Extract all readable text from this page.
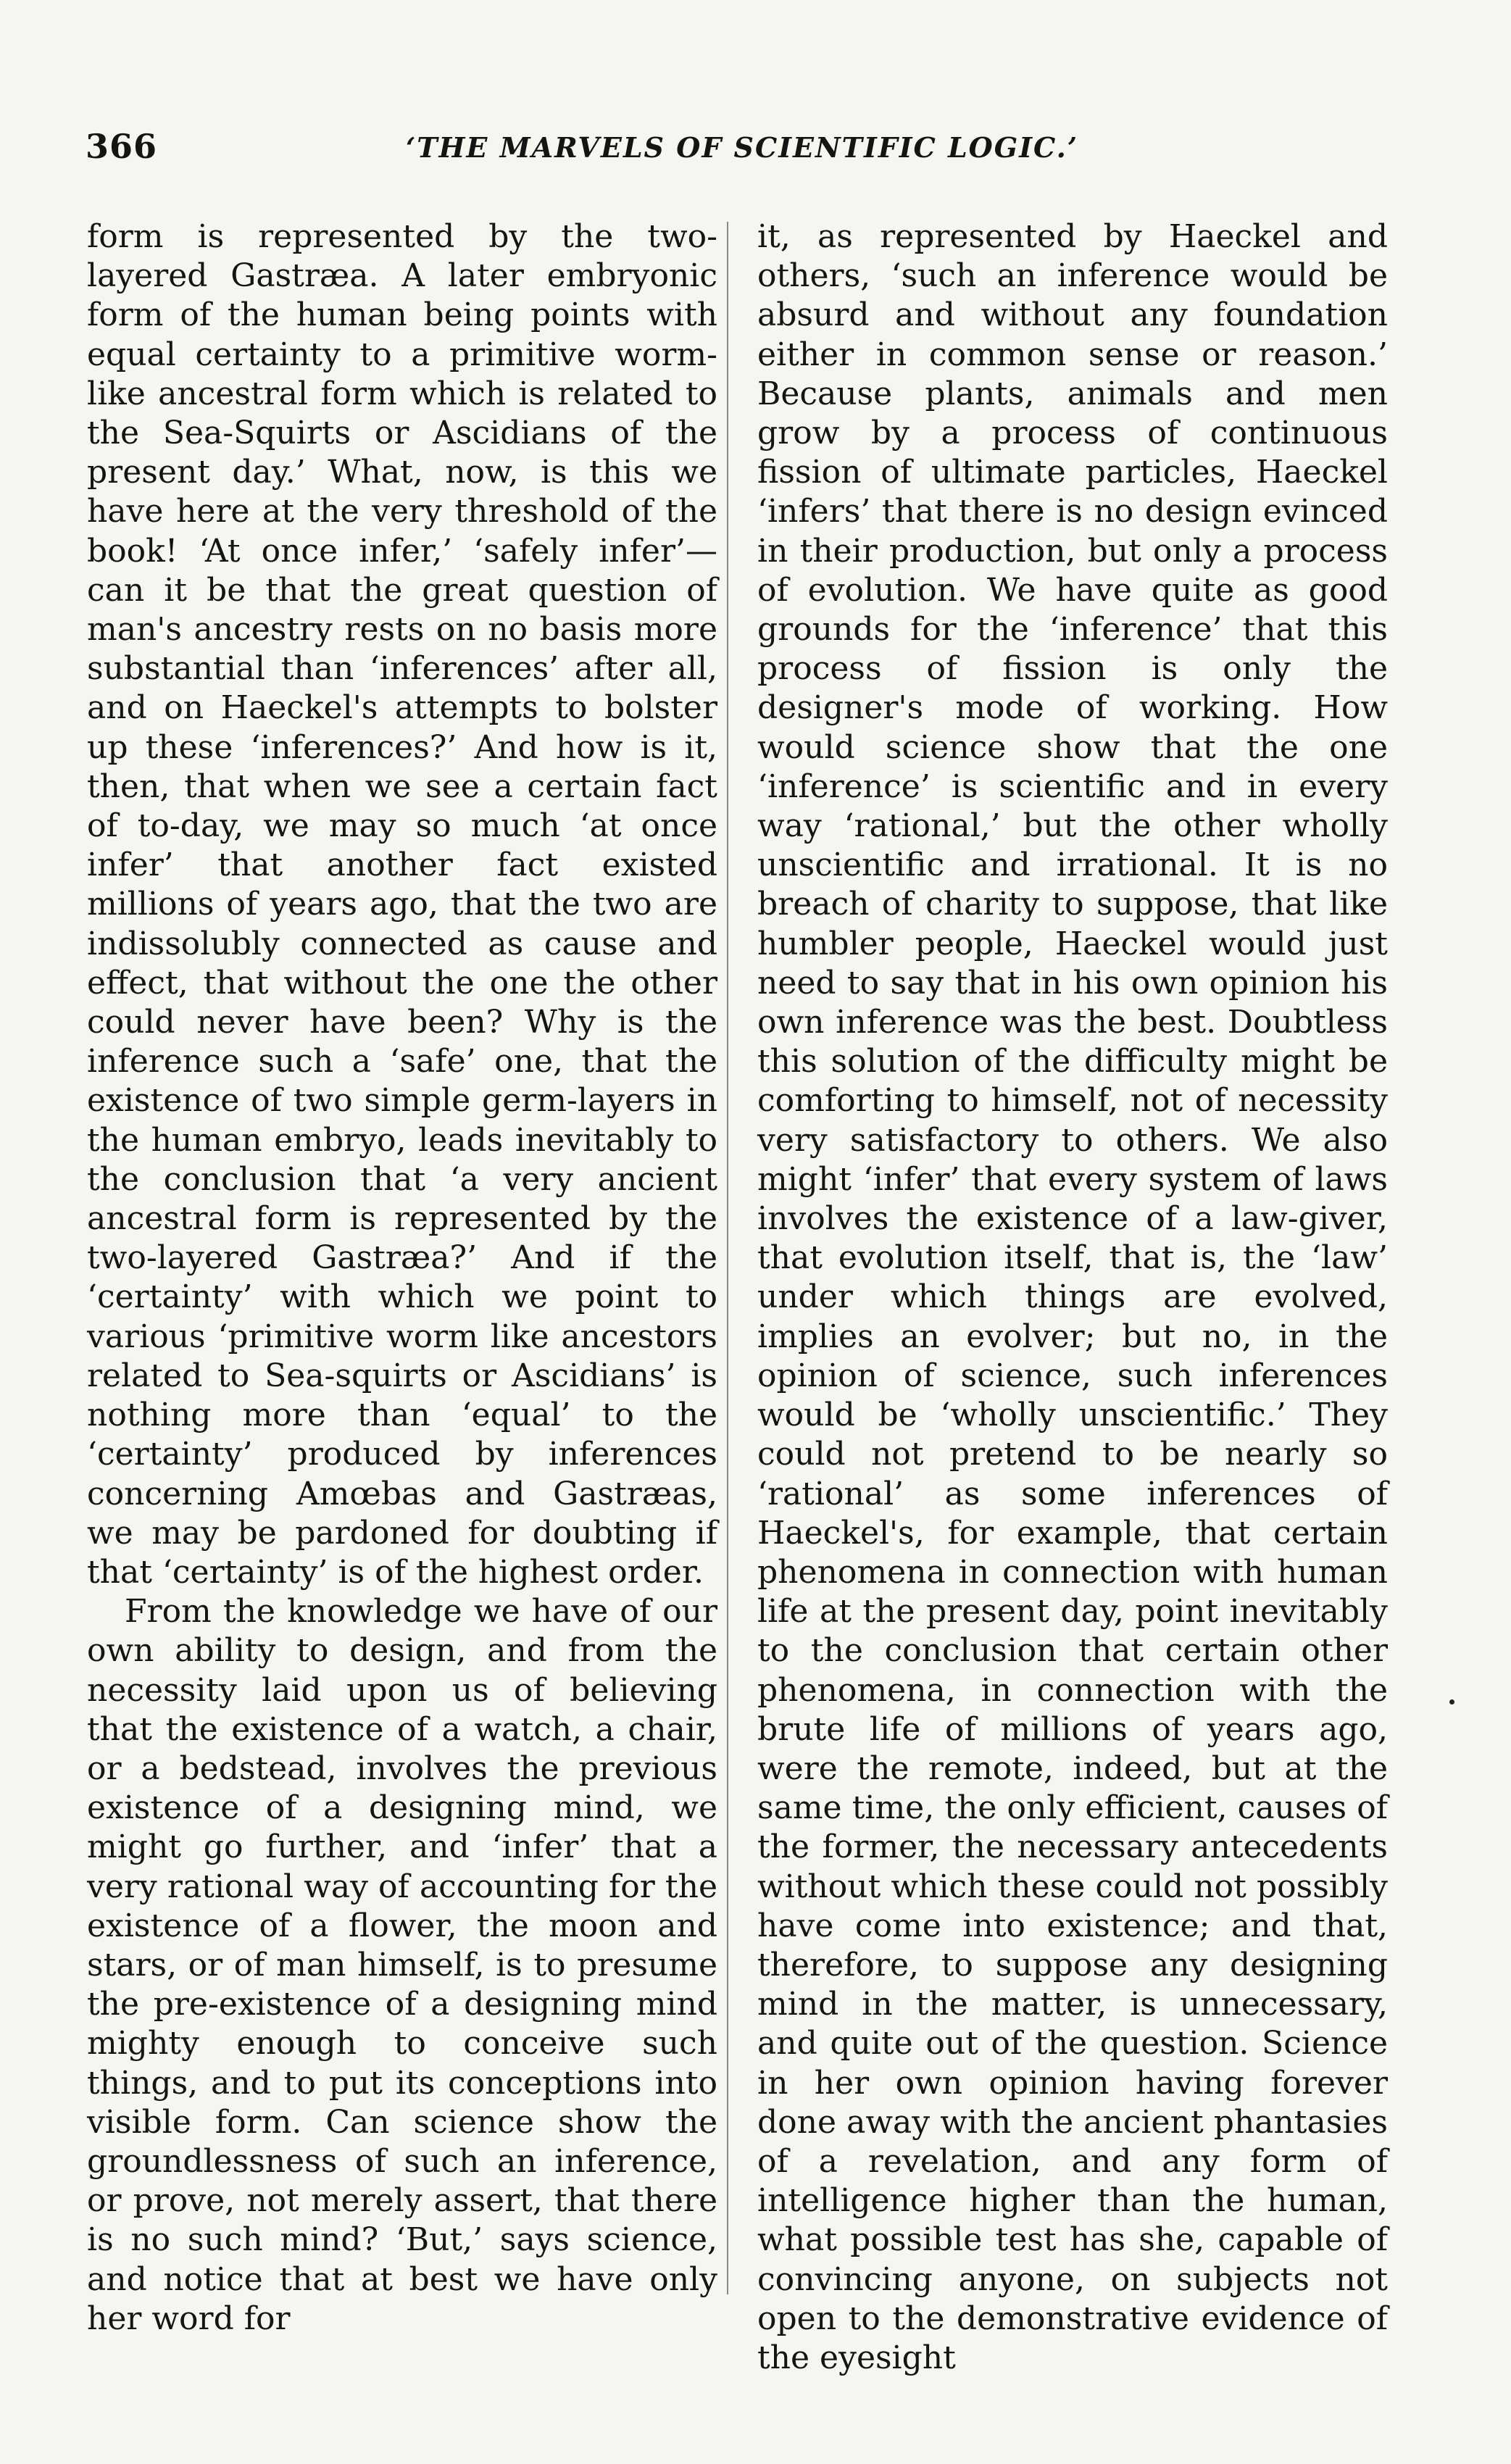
366	‘THE MARVELS OF SCIENTIFIC LOGIC.’

form is represented by the two-layered Gastræa. A later embryonic form of the human being points with equal certainty to a primitive worm-like ancestral form which is related to the Sea-Squirts or Ascidians of the present day.’ What, now, is this we have here at the very threshold of the book! ‘At once infer,’ ‘safely infer’—can it be that the great question of man's ancestry rests on no basis more substantial than ‘inferences’ after all, and on Haeckel's attempts to bolster up these ‘inferences?’ And how is it, then, that when we see a certain fact of to-day, we may so much ‘at once infer’ that another fact existed millions of years ago, that the two are indissolubly connected as cause and effect, that without the one the other could never have been? Why is the inference such a ‘safe’ one, that the existence of two simple germ-layers in the human embryo, leads inevitably to the conclusion that ‘a very ancient ancestral form is represented by the two-layered Gastræa?’ And if the ‘certainty’ with which we point to various ‘primitive worm like ancestors related to Sea-squirts or Ascidians’ is nothing more than ‘equal’ to the ‘certainty’ produced by inferences concerning Amœbas and Gastræas, we may be pardoned for doubting if that ‘certainty’ is of the highest order.

From the knowledge we have of our own ability to design, and from the necessity laid upon us of believing that the existence of a watch, a chair, or a bedstead, involves the previous existence of a designing mind, we might go further, and ‘infer’ that a very rational way of accounting for the existence of a flower, the moon and stars, or of man himself, is to presume the pre-existence of a designing mind mighty enough to conceive such things, and to put its conceptions into visible form. Can science show the groundlessness of such an inference, or prove, not merely assert, that there is no such mind? ‘But,’ says science, and notice that at best we have only her word for

it, as represented by Haeckel and others, ‘such an inference would be absurd and without any foundation either in common sense or reason.’ Because plants, animals and men grow by a process of continuous fission of ultimate particles, Haeckel ‘infers’ that there is no design evinced in their production, but only a process of evolution. We have quite as good grounds for the ‘inference’ that this process of fission is only the designer's mode of working. How would science show that the one ‘inference’ is scientific and in every way ‘rational,’ but the other wholly unscientific and irrational. It is no breach of charity to suppose, that like humbler people, Haeckel would just need to say that in his own opinion his own inference was the best. Doubtless this solution of the difficulty might be comforting to himself, not of necessity very satisfactory to others. We also might ‘infer’ that every system of laws involves the existence of a law-giver, that evolution itself, that is, the ‘law’ under which things are evolved, implies an evolver; but no, in the opinion of science, such inferences would be ‘wholly unscientific.’ They could not pretend to be nearly so ‘rational’ as some inferences of Haeckel's, for example, that certain phenomena in connection with human life at the present day, point inevitably to the conclusion that certain other phenomena, in connection with the brute life of millions of years ago, were the remote, indeed, but at the same time, the only efficient, causes of the former, the necessary antecedents without which these could not possibly have come into existence; and that, therefore, to suppose any designing mind in the matter, is unnecessary, and quite out of the question. Science in her own opinion having forever done away with the ancient phantasies of a revelation, and any form of intelligence higher than the human, what possible test has she, capable of convincing anyone, on subjects not open to the demonstrative evidence of the eyesight
